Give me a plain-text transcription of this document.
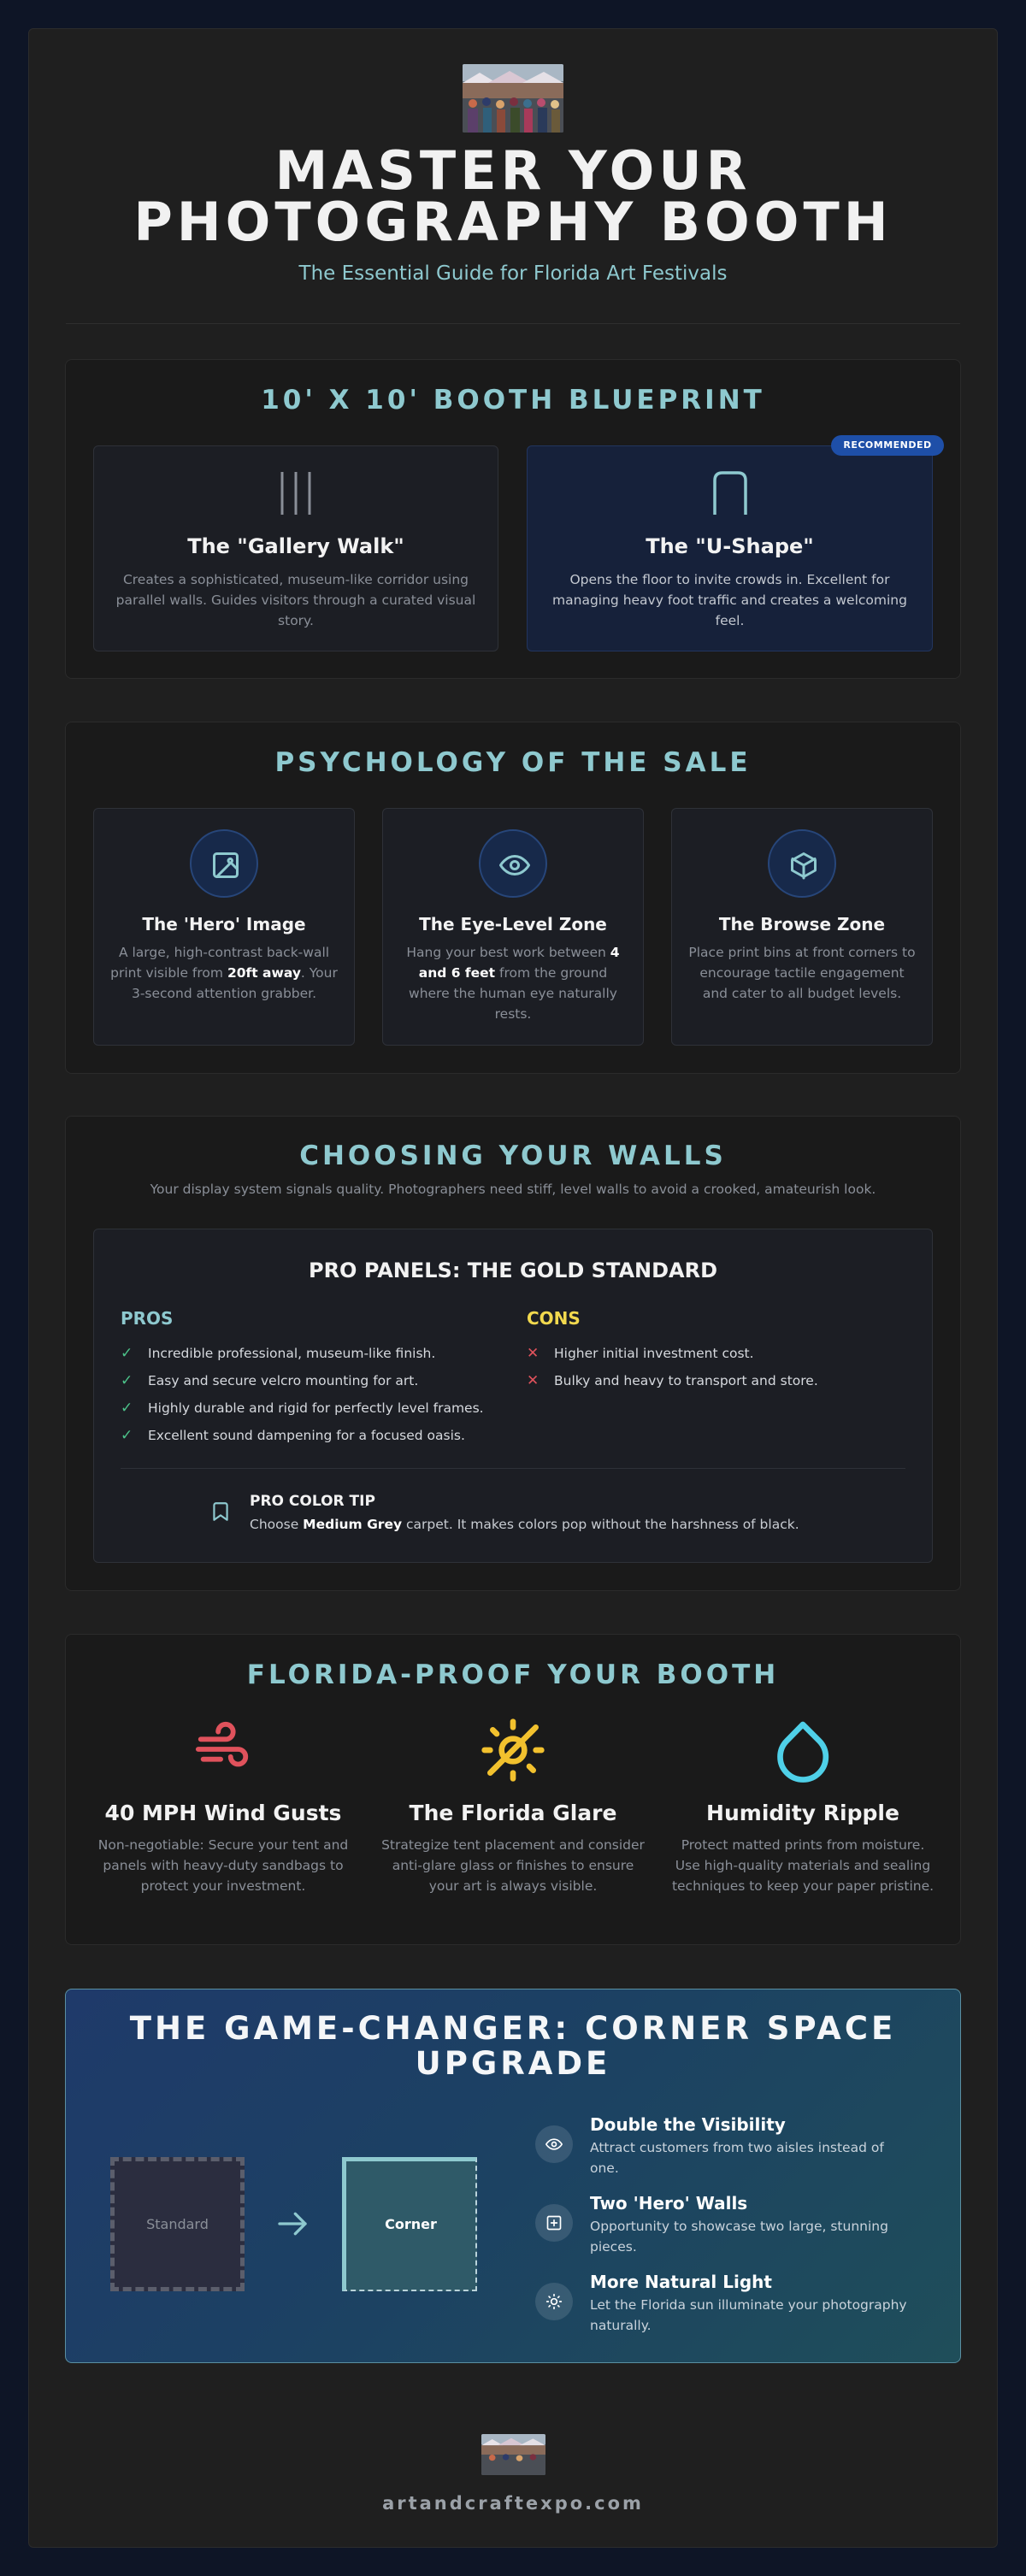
MASTER YOUR
PHOTOGRAPHY BOOTH
The Essential Guide for Florida Art Festivals
10' X 10' BOOTH BLUEPRINT
The "Gallery Walk"
Creates a sophisticated, museum-like corridor using parallel walls. Guides visitors through a curated visual story.
RECOMMENDED
The "U-Shape"
Opens the floor to invite crowds in. Excellent for managing heavy foot traffic and creates a welcoming feel.
PSYCHOLOGY OF THE SALE
The 'Hero' Image
A large, high-contrast back-wall print visible from 20ft away. Your 3-second attention grabber.
The Eye-Level Zone
Hang your best work between 4 and 6 feet from the ground where the human eye naturally rests.
The Browse Zone
Place print bins at front corners to encourage tactile engagement and cater to all budget levels.
CHOOSING YOUR WALLS
Your display system signals quality. Photographers need stiff, level walls to avoid a crooked, amateurish look.
PRO PANELS: THE GOLD STANDARD
PROS
✓	Incredible professional, museum-like finish.
✓	Easy and secure velcro mounting for art.
✓	Highly durable and rigid for perfectly level frames.
✓	Excellent sound dampening for a focused oasis.
CONS
✕	Higher initial investment cost.
✕	Bulky and heavy to transport and store.
PRO COLOR TIP
Choose Medium Grey carpet. It makes colors pop without the harshness of black.
FLORIDA-PROOF YOUR BOOTH
40 MPH Wind Gusts
Non-negotiable: Secure your tent and panels with heavy-duty sandbags to protect your investment.
The Florida Glare
Strategize tent placement and consider anti-glare glass or finishes to ensure your art is always visible.
Humidity Ripple
Protect matted prints from moisture. Use high-quality materials and sealing techniques to keep your paper pristine.
THE GAME-CHANGER: CORNER SPACE
UPGRADE
Standard	Corner
Double the Visibility
Attract customers from two aisles instead of one.
Two 'Hero' Walls
Opportunity to showcase two large, stunning pieces.
More Natural Light
Let the Florida sun illuminate your photography naturally.
artandcraftexpo.com
